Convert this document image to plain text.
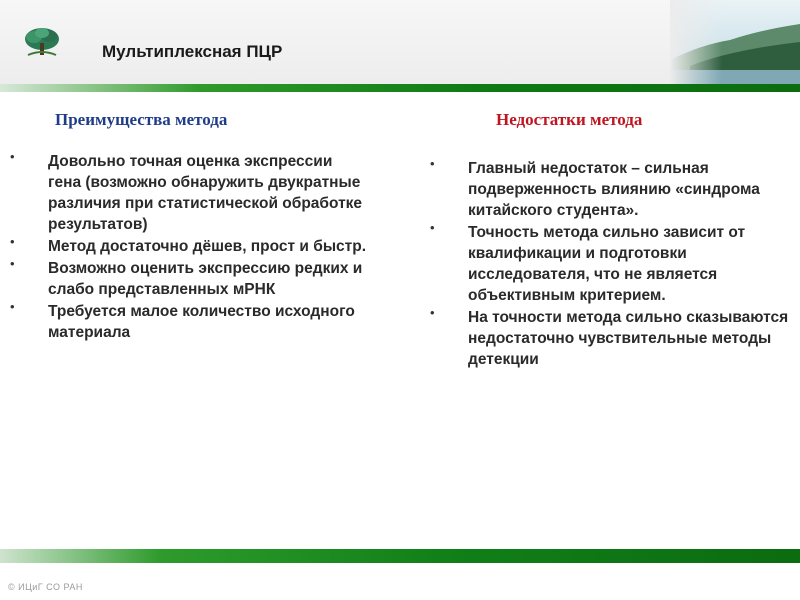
Мультиплексная ПЦР
Преимущества метода	Недостатки метода
• Довольно точная оценка экспрессии гена (возможно обнаружить двукратные различия при статистической обработке результатов)
• Метод достаточно дёшев, прост и быстр.
• Возможно оценить экспрессию редких и слабо представленных мРНК
• Требуется малое количество исходного материала
• Главный недостаток – сильная подверженность влиянию «синдрома китайского студента».
• Точность метода сильно зависит от квалификации и подготовки исследователя, что не является объективным критерием.
• На точности метода сильно сказываются недостаточно чувствительные методы детекции
© ИЦиГ СО РАН
